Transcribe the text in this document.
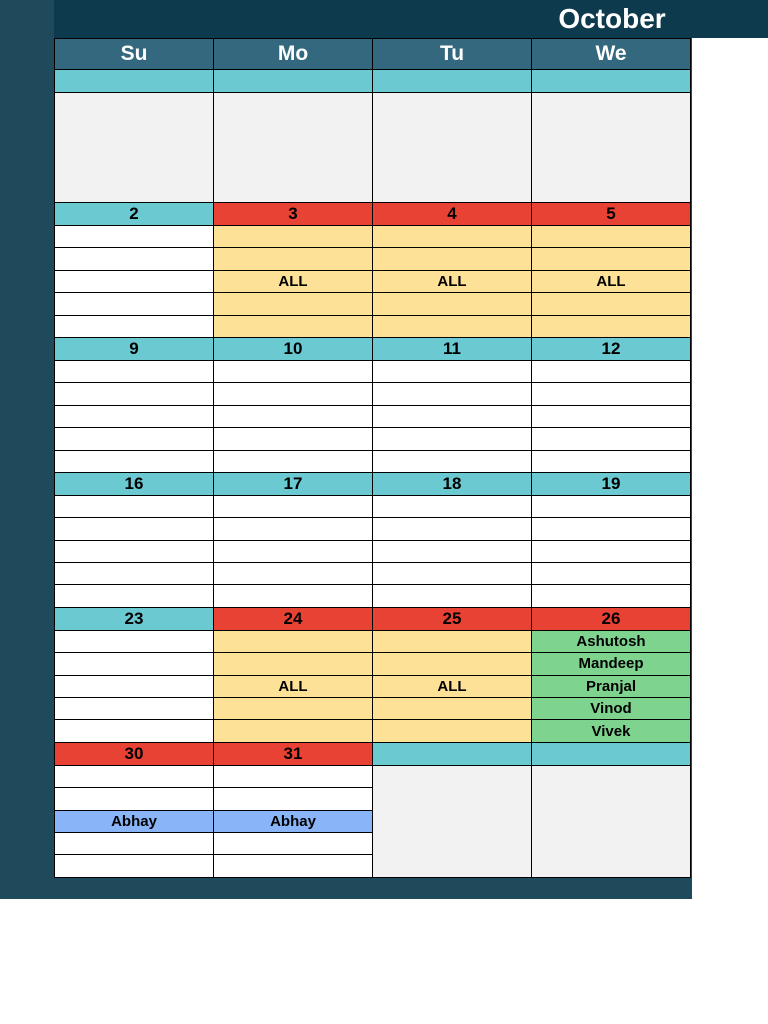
October
Su	Mo	Tu	We

2	3	4	5

	ALL	ALL	ALL

9	10	11	12

16	17	18	19

23	24	25	26
			Ashutosh
			Mandeep
	ALL	ALL	Pranjal
			Vinod
			Vivek
30	31		

Abhay	Abhay		
